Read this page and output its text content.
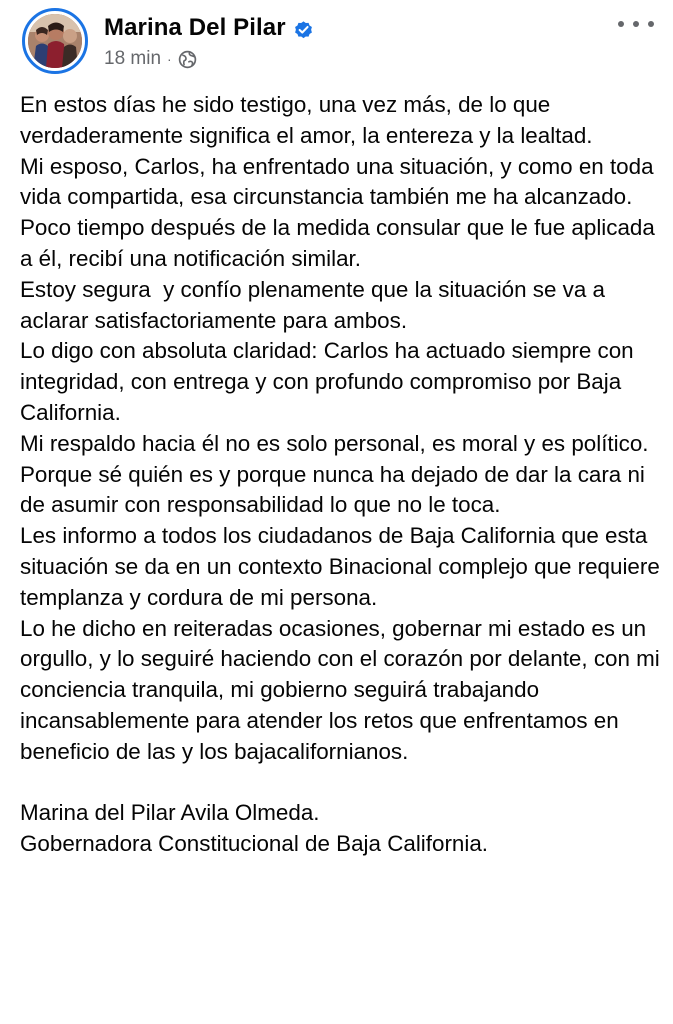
Marina Del Pilar
18 min ·

En estos días he sido testigo, una vez más, de lo que verdaderamente significa el amor, la entereza y la lealtad.

Mi esposo, Carlos, ha enfrentado una situación, y como en toda vida compartida, esa circunstancia también me ha alcanzado.

Poco tiempo después de la medida consular que le fue aplicada a él, recibí una notificación similar.

Estoy segura  y confío plenamente que la situación se va a aclarar satisfactoriamente para ambos.

Lo digo con absoluta claridad: Carlos ha actuado siempre con integridad, con entrega y con profundo compromiso por Baja California.

Mi respaldo hacia él no es solo personal, es moral y es político. Porque sé quién es y porque nunca ha dejado de dar la cara ni de asumir con responsabilidad lo que no le toca.

Les informo a todos los ciudadanos de Baja California que esta situación se da en un contexto Binacional complejo que requiere templanza y cordura de mi persona.

Lo he dicho en reiteradas ocasiones, gobernar mi estado es un orgullo, y lo seguiré haciendo con el corazón por delante, con mi conciencia tranquila, mi gobierno seguirá trabajando incansablemente para atender los retos que enfrentamos en beneficio de las y los bajacalifornianos.

Marina del Pilar Avila Olmeda.

Gobernadora Constitucional de Baja California.
